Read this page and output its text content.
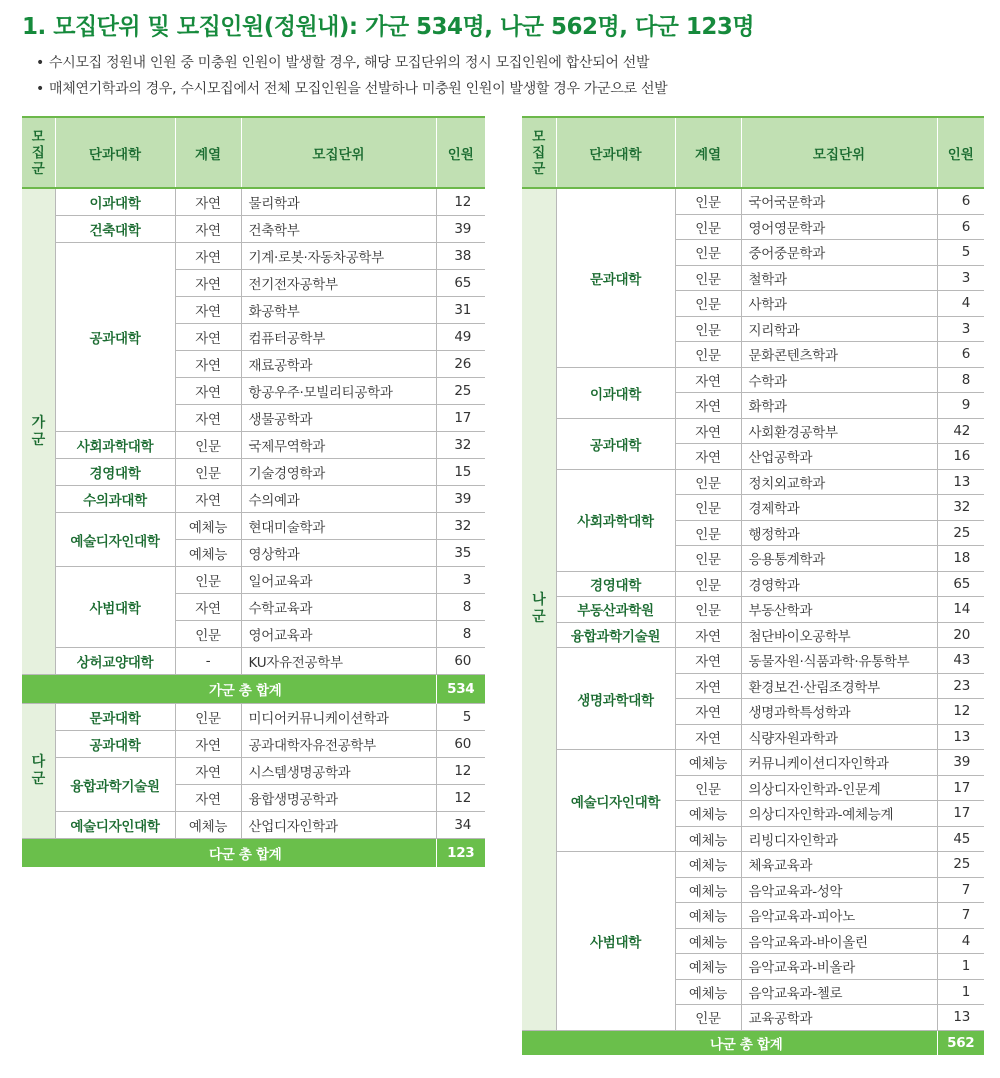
1. 모집단위 및 모집인원(정원내): 가군 534명, 나군 562명, 다군 123명
• 수시모집 정원내 인원 중 미충원 인원이 발생할 경우, 해당 모집단위의 정시 모집인원에 합산되어 선발
• 매체연기학과의 경우, 수시모집에서 전체 모집인원을 선발하나 미충원 인원이 발생할 경우 가군으로 선발
모
집
군	단과대학	계열	모집단위	인원
가
군	이과대학	자연	물리학과	12
	건축대학	자연	건축학부	39
	공과대학	자연	기계·로봇·자동차공학부	38
		자연	전기전자공학부	65
		자연	화공학부	31
		자연	컴퓨터공학부	49
		자연	재료공학과	26
		자연	항공우주·모빌리티공학과	25
		자연	생물공학과	17
	사회과학대학	인문	국제무역학과	32
	경영대학	인문	기술경영학과	15
	수의과대학	자연	수의예과	39
	예술디자인대학	예체능	현대미술학과	32
		예체능	영상학과	35
	사범대학	인문	일어교육과	3
		자연	수학교육과	8
		인문	영어교육과	8
	상허교양대학	-	KU자유전공학부	60
	가군 총 합계			534
다
군	문과대학	인문	미디어커뮤니케이션학과	5
	공과대학	자연	공과대학자유전공학부	60
	융합과학기술원	자연	시스템생명공학과	12
		자연	융합생명공학과	12
	예술디자인대학	예체능	산업디자인학과	34
	다군 총 합계			123
모
집
군	단과대학	계열	모집단위	인원
나
군	문과대학	인문	국어국문학과	6
		인문	영어영문학과	6
		인문	중어중문학과	5
		인문	철학과	3
		인문	사학과	4
		인문	지리학과	3
		인문	문화콘텐츠학과	6
	이과대학	자연	수학과	8
		자연	화학과	9
	공과대학	자연	사회환경공학부	42
		자연	산업공학과	16
	사회과학대학	인문	정치외교학과	13
		인문	경제학과	32
		인문	행정학과	25
		인문	응용통계학과	18
	경영대학	인문	경영학과	65
	부동산과학원	인문	부동산학과	14
	융합과학기술원	자연	첨단바이오공학부	20
	생명과학대학	자연	동물자원·식품과학·유통학부	43
		자연	환경보건·산림조경학부	23
		자연	생명과학특성학과	12
		자연	식량자원과학과	13
	예술디자인대학	예체능	커뮤니케이션디자인학과	39
		인문	의상디자인학과-인문계	17
		예체능	의상디자인학과-예체능계	17
		예체능	리빙디자인학과	45
	사범대학	예체능	체육교육과	25
		예체능	음악교육과-성악	7
		예체능	음악교육과-피아노	7
		예체능	음악교육과-바이올린	4
		예체능	음악교육과-비올라	1
		예체능	음악교육과-첼로	1
		인문	교육공학과	13
	나군 총 합계			562
